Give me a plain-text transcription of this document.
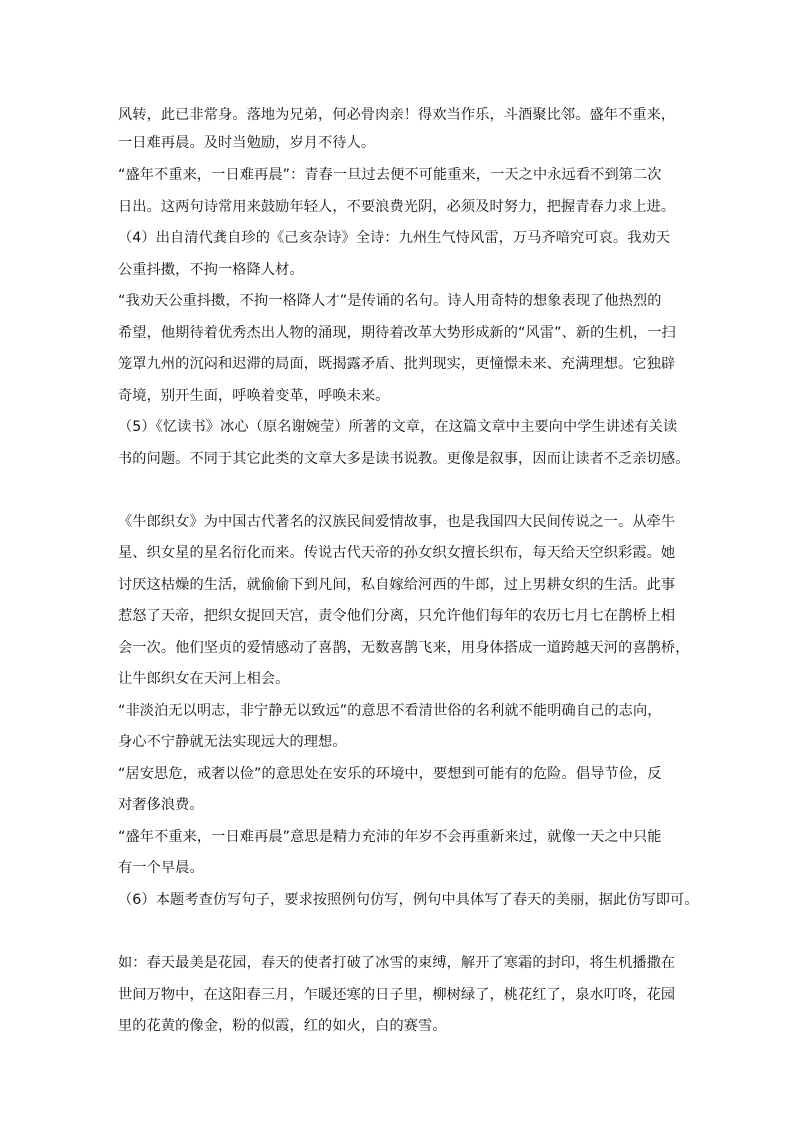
风转，此已非常身。落地为兄弟，何必骨肉亲！得欢当作乐，斗酒聚比邻。盛年不重来，
一日难再晨。及时当勉励，岁月不待人。
“盛年不重来，一日难再晨”：青春一旦过去便不可能重来，一天之中永远看不到第二次
日出。这两句诗常用来鼓励年轻人，不要浪费光阴，必须及时努力，把握青春力求上进。
（4）出自清代龚自珍的《己亥杂诗》全诗：九州生气恃风雷，万马齐喑究可哀。我劝天
公重抖擞，不拘一格降人材。
“我劝天公重抖擞，不拘一格降人才”是传诵的名句。诗人用奇特的想象表现了他热烈的
希望，他期待着优秀杰出人物的涌现，期待着改革大势形成新的“风雷”、新的生机，一扫
笼罩九州的沉闷和迟滞的局面，既揭露矛盾、批判现实，更憧憬未来、充满理想。它独辟
奇境，别开生面，呼唤着变革，呼唤未来。
（5）《忆读书》冰心（原名谢婉莹）所著的文章，在这篇文章中主要向中学生讲述有关读
书的问题。不同于其它此类的文章大多是读书说教。更像是叙事，因而让读者不乏亲切感。
《牛郎织女》为中国古代著名的汉族民间爱情故事，也是我国四大民间传说之一。从牵牛
星、织女星的星名衍化而来。传说古代天帝的孙女织女擅长织布，每天给天空织彩霞。她
讨厌这枯燥的生活，就偷偷下到凡间，私自嫁给河西的牛郎，过上男耕女织的生活。此事
惹怒了天帝，把织女捉回天宫，责令他们分离，只允许他们每年的农历七月七在鹊桥上相
会一次。他们坚贞的爱情感动了喜鹊，无数喜鹊飞来，用身体搭成一道跨越天河的喜鹊桥，
让牛郎织女在天河上相会。
“非淡泊无以明志，非宁静无以致远”的意思不看清世俗的名利就不能明确自己的志向，
身心不宁静就无法实现远大的理想。
“居安思危，戒奢以俭”的意思处在安乐的环境中，要想到可能有的危险。倡导节俭，反
对奢侈浪费。
“盛年不重来，一日难再晨”意思是精力充沛的年岁不会再重新来过，就像一天之中只能
有一个早晨。
（6）本题考查仿写句子，要求按照例句仿写，例句中具体写了春天的美丽，据此仿写即可。
如：春天最美是花园，春天的使者打破了冰雪的束缚，解开了寒霜的封印，将生机播撒在
世间万物中，在这阳春三月，乍暖还寒的日子里，柳树绿了，桃花红了，泉水叮咚，花园
里的花黄的像金，粉的似霞，红的如火，白的赛雪。
